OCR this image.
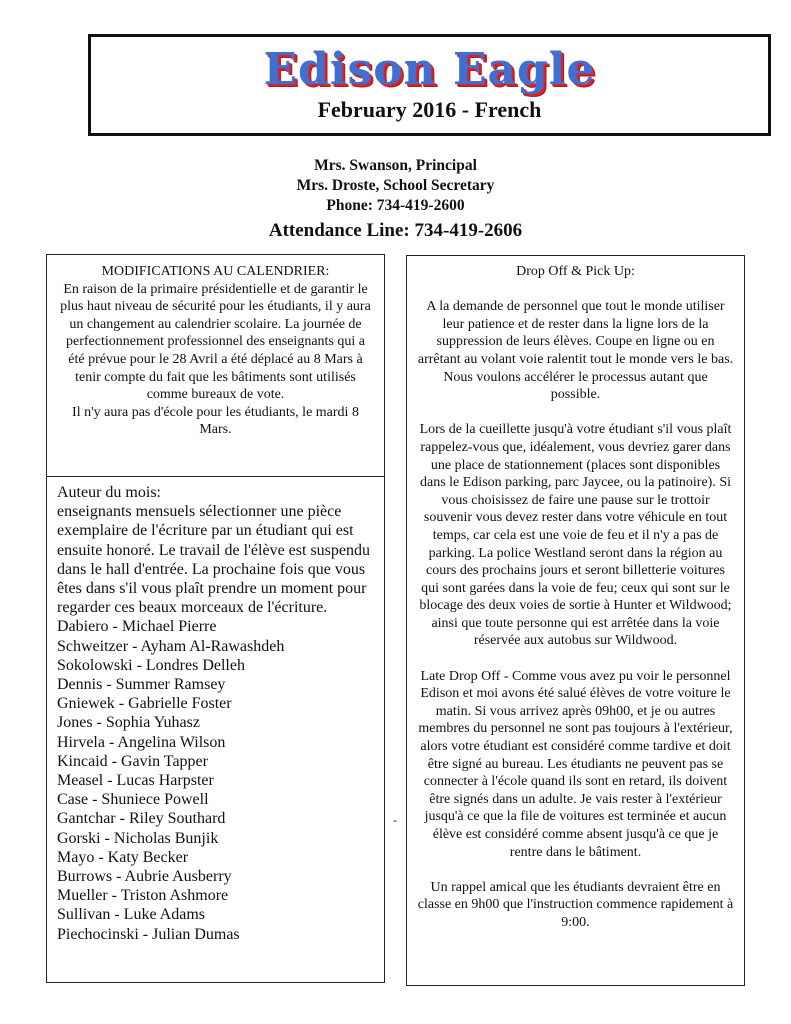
Edison Eagle
February 2016 - French
Mrs. Swanson, Principal
Mrs. Droste, School Secretary
Phone: 734-419-2600
Attendance Line: 734-419-2606
MODIFICATIONS AU CALENDRIER:
En raison de la primaire présidentielle et de garantir le plus haut niveau de sécurité pour les étudiants, il y aura un changement au calendrier scolaire. La journée de perfectionnement professionnel des enseignants qui a été prévue pour le 28 Avril a été déplacé au 8 Mars à tenir compte du fait que les bâtiments sont utilisés comme bureaux de vote.
Il n'y aura pas d'école pour les étudiants, le mardi 8 Mars.
Auteur du mois:
enseignants mensuels sélectionner une pièce exemplaire de l'écriture par un étudiant qui est ensuite honoré. Le travail de l'élève est suspendu dans le hall d'entrée. La prochaine fois que vous êtes dans s'il vous plaît prendre un moment pour regarder ces beaux morceaux de l'écriture.
Dabiero - Michael Pierre
Schweitzer - Ayham Al-Rawashdeh
Sokolowski - Londres Delleh
Dennis - Summer Ramsey
Gniewek - Gabrielle Foster
Jones - Sophia Yuhasz
Hirvela - Angelina Wilson
Kincaid - Gavin Tapper
Measel - Lucas Harpster
Case - Shuniece Powell
Gantchar - Riley Southard
Gorski - Nicholas Bunjik
Mayo - Katy Becker
Burrows - Aubrie Ausberry
Mueller - Triston Ashmore
Sullivan - Luke Adams
Piechocinski - Julian Dumas
Drop Off & Pick Up:
A la demande de personnel que tout le monde utiliser leur patience et de rester dans la ligne lors de la suppression de leurs élèves. Coupe en ligne ou en arrêtant au volant voie ralentit tout le monde vers le bas. Nous voulons accélérer le processus autant que possible.
Lors de la cueillette jusqu'à votre étudiant s'il vous plaît rappelez-vous que, idéalement, vous devriez garer dans une place de stationnement (places sont disponibles dans le Edison parking, parc Jaycee, ou la patinoire). Si vous choisissez de faire une pause sur le trottoir souvenir vous devez rester dans votre véhicule en tout temps, car cela est une voie de feu et il n'y a pas de parking. La police Westland seront dans la région au cours des prochains jours et seront billetterie voitures qui sont garées dans la voie de feu; ceux qui sont sur le blocage des deux voies de sortie à Hunter et Wildwood; ainsi que toute personne qui est arrêtée dans la voie réservée aux autobus sur Wildwood.
Late Drop Off - Comme vous avez pu voir le personnel Edison et moi avons été salué élèves de votre voiture le matin. Si vous arrivez après 09h00, et je ou autres membres du personnel ne sont pas toujours à l'extérieur, alors votre étudiant est considéré comme tardive et doit être signé au bureau. Les étudiants ne peuvent pas se connecter à l'école quand ils sont en retard, ils doivent être signés dans un adulte. Je vais rester à l'extérieur jusqu'à ce que la file de voitures est terminée et aucun élève est considéré comme absent jusqu'à ce que je rentre dans le bâtiment.
Un rappel amical que les étudiants devraient être en classe en 9h00 que l'instruction commence rapidement à 9:00.
-
